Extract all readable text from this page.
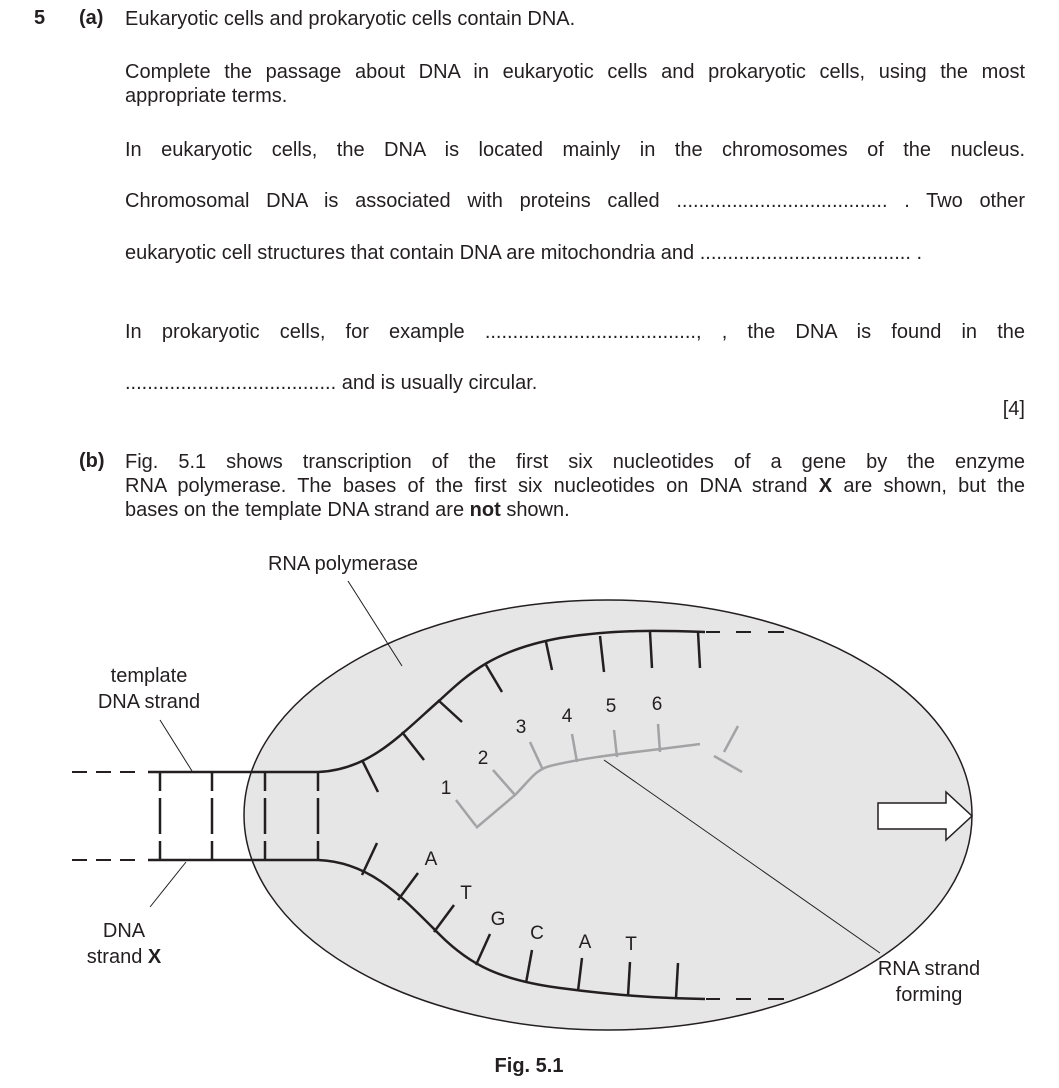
5 (a) Eukaryotic cells and prokaryotic cells contain DNA.
Complete the passage about DNA in eukaryotic cells and prokaryotic cells, using the most appropriate terms.
In eukaryotic cells, the DNA is located mainly in the chromosomes of the nucleus.
Chromosomal DNA is associated with proteins called ...................................... . Two other
eukaryotic cell structures that contain DNA are mitochondria and ...................................... .
In prokaryotic cells, for example ......................................, , the DNA is found in the
...................................... and is usually circular.
[4]
(b) Fig. 5.1 shows transcription of the first six nucleotides of a gene by the enzyme
RNA polymerase. The bases of the first six nucleotides on DNA strand X are shown, but the
bases on the template DNA strand are not shown.
1
2
3
4 5 6
A
T
G
C A T
RNA polymerase
template
DNA strand
DNA
strand X
RNA strand
forming
Fig. 5.1
